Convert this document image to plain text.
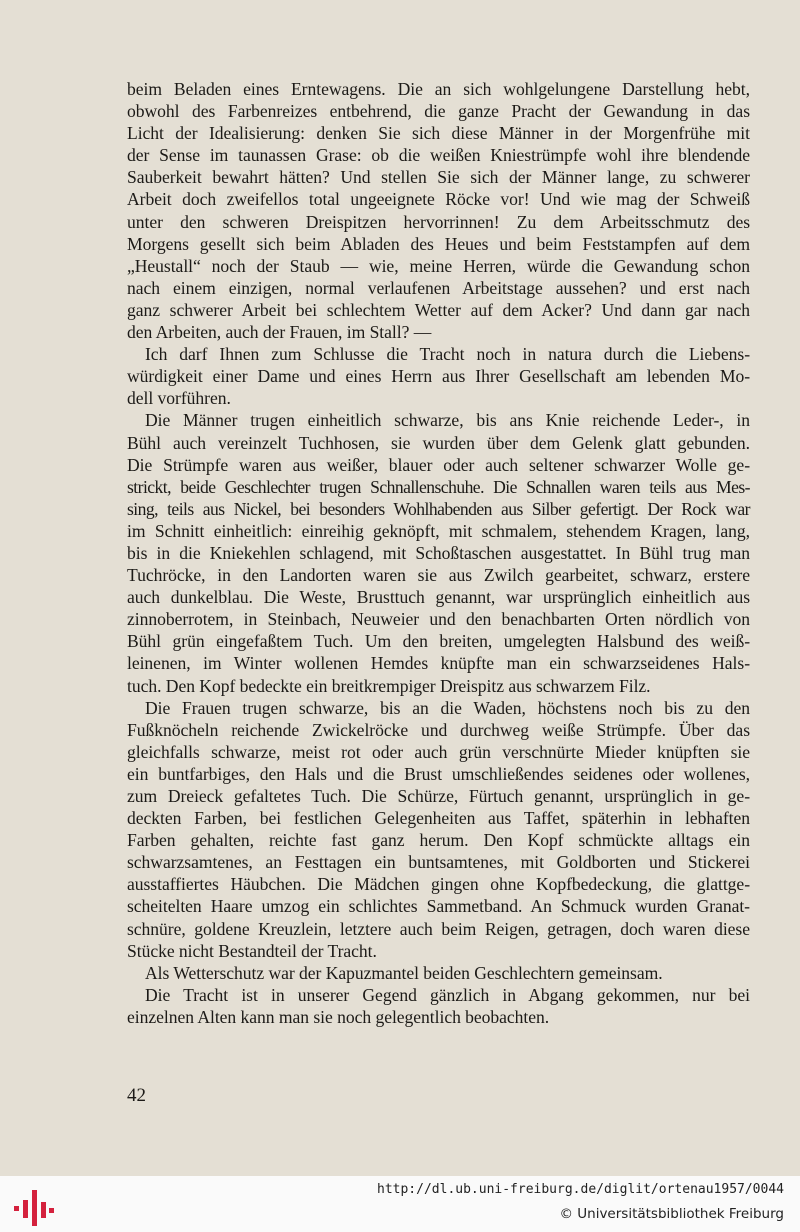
beim Beladen eines Erntewagens. Die an sich wohlgelungene Darstellung hebt,
obwohl des Farbenreizes entbehrend, die ganze Pracht der Gewandung in das
Licht der Idealisierung: denken Sie sich diese Männer in der Morgenfrühe mit
der Sense im taunassen Grase: ob die weißen Kniestrümpfe wohl ihre blendende
Sauberkeit bewahrt hätten? Und stellen Sie sich der Männer lange, zu schwerer
Arbeit doch zweifellos total ungeeignete Röcke vor! Und wie mag der Schweiß
unter den schweren Dreispitzen hervorrinnen! Zu dem Arbeitsschmutz des
Morgens gesellt sich beim Abladen des Heues und beim Feststampfen auf dem
„Heustall“ noch der Staub — wie, meine Herren, würde die Gewandung schon
nach einem einzigen, normal verlaufenen Arbeitstage aussehen? und erst nach
ganz schwerer Arbeit bei schlechtem Wetter auf dem Acker? Und dann gar nach
den Arbeiten, auch der Frauen, im Stall? —
Ich darf Ihnen zum Schlusse die Tracht noch in natura durch die Liebens-
würdigkeit einer Dame und eines Herrn aus Ihrer Gesellschaft am lebenden Mo-
dell vorführen.
Die Männer trugen einheitlich schwarze, bis ans Knie reichende Leder-, in
Bühl auch vereinzelt Tuchhosen, sie wurden über dem Gelenk glatt gebunden.
Die Strümpfe waren aus weißer, blauer oder auch seltener schwarzer Wolle ge-
strickt, beide Geschlechter trugen Schnallenschuhe. Die Schnallen waren teils aus Mes-
sing, teils aus Nickel, bei besonders Wohlhabenden aus Silber gefertigt. Der Rock war
im Schnitt einheitlich: einreihig geknöpft, mit schmalem, stehendem Kragen, lang,
bis in die Kniekehlen schlagend, mit Schoßtaschen ausgestattet. In Bühl trug man
Tuchröcke, in den Landorten waren sie aus Zwilch gearbeitet, schwarz, erstere
auch dunkelblau. Die Weste, Brusttuch genannt, war ursprünglich einheitlich aus
zinnoberrotem, in Steinbach, Neuweier und den benachbarten Orten nördlich von
Bühl grün eingefaßtem Tuch. Um den breiten, umgelegten Halsbund des weiß-
leinenen, im Winter wollenen Hemdes knüpfte man ein schwarzseidenes Hals-
tuch. Den Kopf bedeckte ein breitkrempiger Dreispitz aus schwarzem Filz.
Die Frauen trugen schwarze, bis an die Waden, höchstens noch bis zu den
Fußknöcheln reichende Zwickelröcke und durchweg weiße Strümpfe. Über das
gleichfalls schwarze, meist rot oder auch grün verschnürte Mieder knüpften sie
ein buntfarbiges, den Hals und die Brust umschließendes seidenes oder wollenes,
zum Dreieck gefaltetes Tuch. Die Schürze, Fürtuch genannt, ursprünglich in ge-
deckten Farben, bei festlichen Gelegenheiten aus Taffet, späterhin in lebhaften
Farben gehalten, reichte fast ganz herum. Den Kopf schmückte alltags ein
schwarzsamtenes, an Festtagen ein buntsamtenes, mit Goldborten und Stickerei
ausstaffiertes Häubchen. Die Mädchen gingen ohne Kopfbedeckung, die glattge-
scheitelten Haare umzog ein schlichtes Sammetband. An Schmuck wurden Granat-
schnüre, goldene Kreuzlein, letztere auch beim Reigen, getragen, doch waren diese
Stücke nicht Bestandteil der Tracht.
Als Wetterschutz war der Kapuzmantel beiden Geschlechtern gemeinsam.
Die Tracht ist in unserer Gegend gänzlich in Abgang gekommen, nur bei
einzelnen Alten kann man sie noch gelegentlich beobachten.
42
http://dl.ub.uni-freiburg.de/diglit/ortenau1957/0044
© Universitätsbibliothek Freiburg
